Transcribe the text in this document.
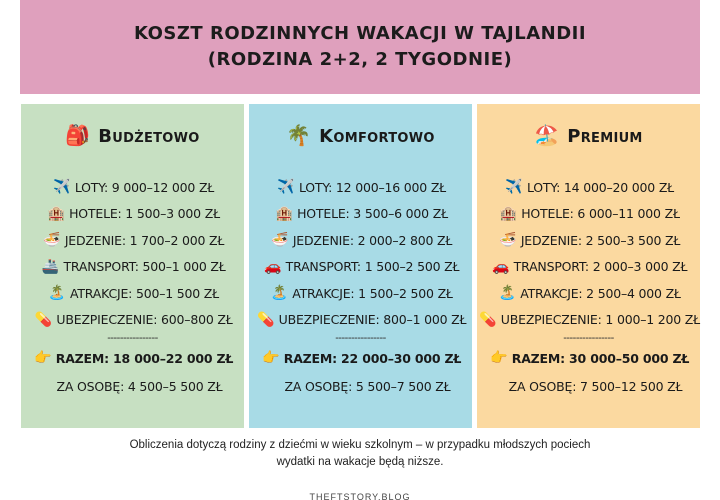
KOSZT RODZINNYCH WAKACJI W TAJLANDII
(RODZINA 2+2, 2 TYGODNIE)
🎒 Budżetowo
✈️ LOTY: 9 000–12 000 ZŁ
🏨 HOTELE: 1 500–3 000 ZŁ
🍜 JEDZENIE: 1 700–2 000 ZŁ
🚢 TRANSPORT: 500–1 000 ZŁ
🏝️ ATRAKCJE: 500–1 500 ZŁ
💊 UBEZPIECZENIE: 600–800 ZŁ
----------------
👉 RAZEM: 18 000–22 000 ZŁ
ZA OSOBĘ: 4 500–5 500 ZŁ
🌴 Komfortowo
✈️ LOTY: 12 000–16 000 ZŁ
🏨 HOTELE: 3 500–6 000 ZŁ
🍜 JEDZENIE: 2 000–2 800 ZŁ
🚗 TRANSPORT: 1 500–2 500 ZŁ
🏝️ ATRAKCJE: 1 500–2 500 ZŁ
💊 UBEZPIECZENIE: 800–1 000 ZŁ
----------------
👉 RAZEM: 22 000–30 000 ZŁ
ZA OSOBĘ: 5 500–7 500 ZŁ
🏖️ Premium
✈️ LOTY: 14 000–20 000 ZŁ
🏨 HOTELE: 6 000–11 000 ZŁ
🍜 JEDZENIE: 2 500–3 500 ZŁ
🚗 TRANSPORT: 2 000–3 000 ZŁ
🏝️ ATRAKCJE: 2 500–4 000 ZŁ
💊 UBEZPIECZENIE: 1 000–1 200 ZŁ
----------------
👉 RAZEM: 30 000–50 000 ZŁ
ZA OSOBĘ: 7 500–12 500 ZŁ
Obliczenia dotyczą rodziny z dziećmi w wieku szkolnym – w przypadku młodszych pociech
wydatki na wakacje będą niższe.
THEFTSTORY.BLOG
